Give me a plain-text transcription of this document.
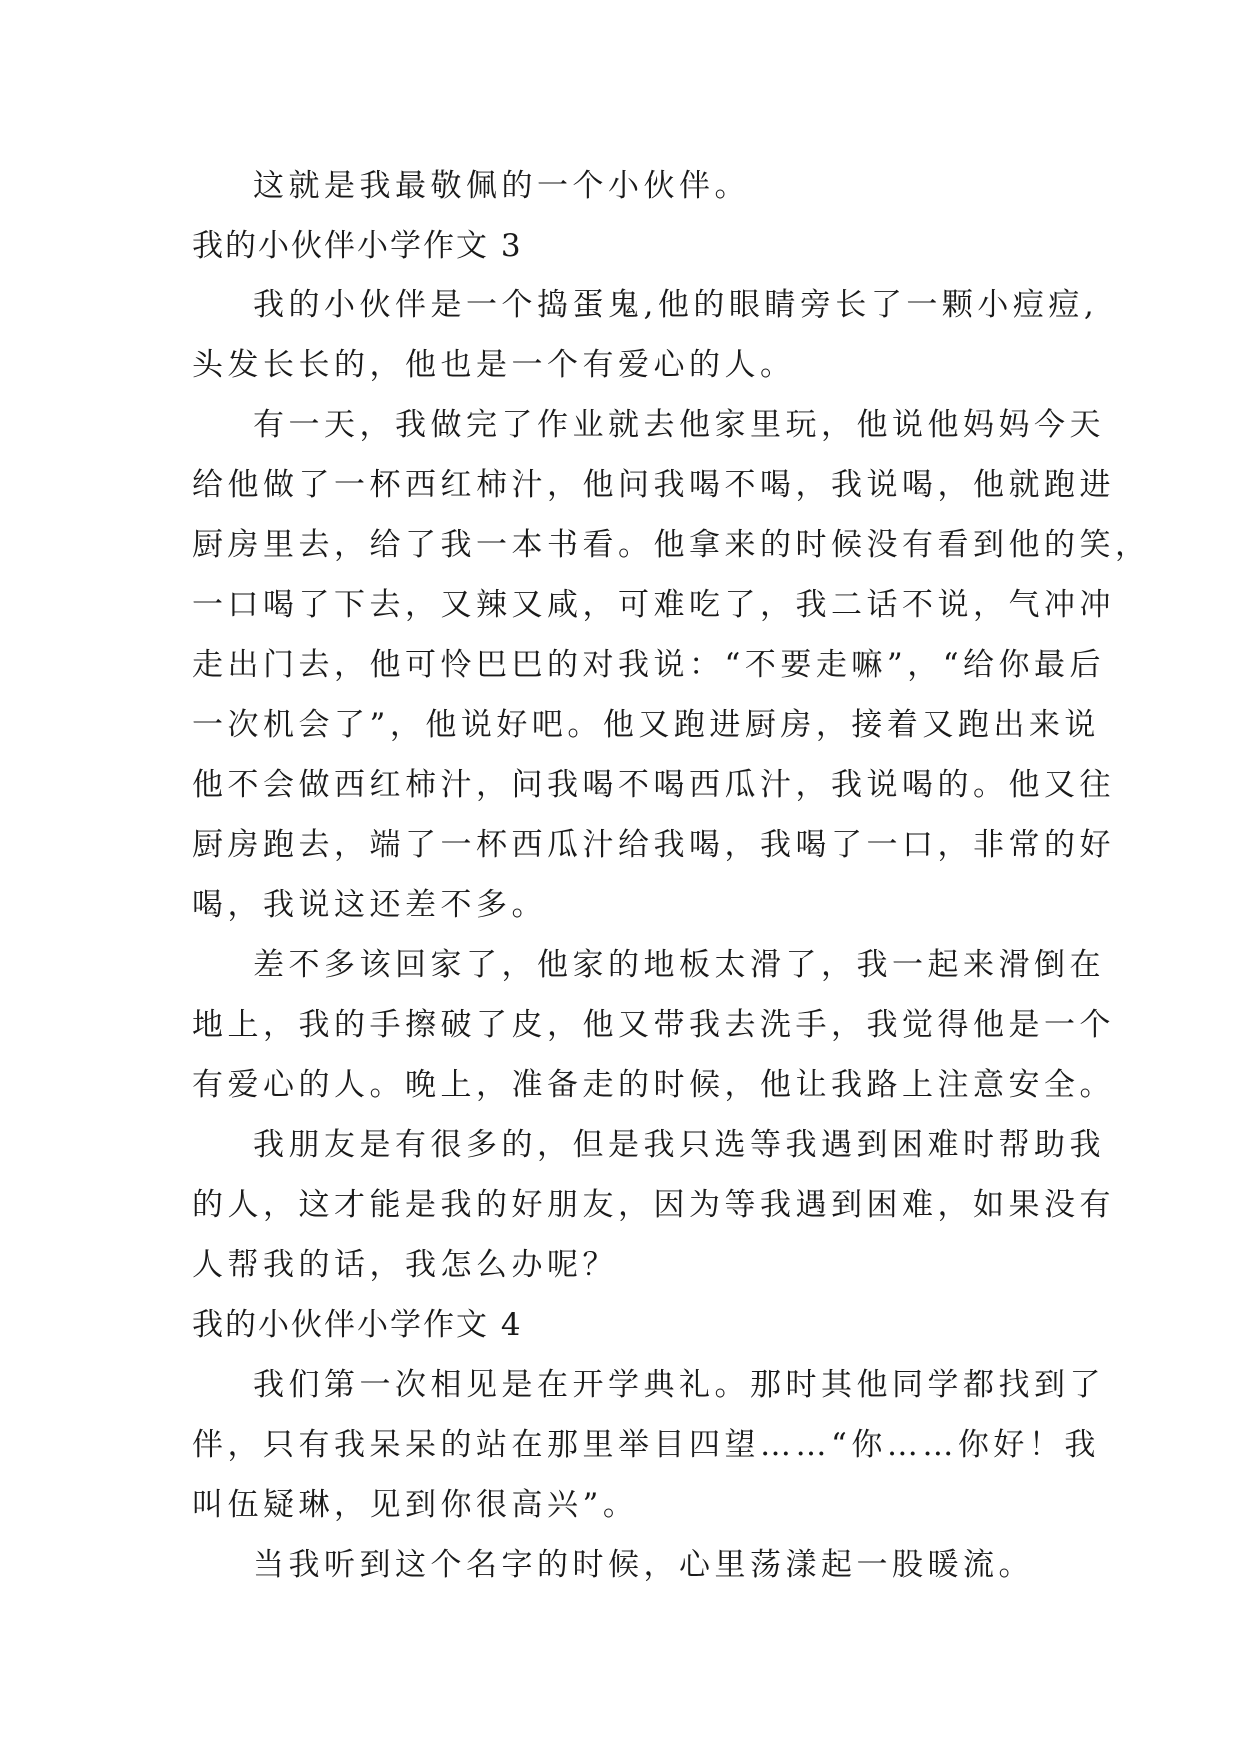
这就是我最敬佩的一个小伙伴。
我的小伙伴小学作文 3
我的小伙伴是一个捣蛋鬼,他的眼睛旁长了一颗小痘痘,
头发长长的，他也是一个有爱心的人。
有一天，我做完了作业就去他家里玩，他说他妈妈今天
给他做了一杯西红柿汁，他问我喝不喝，我说喝，他就跑进
厨房里去，给了我一本书看。他拿来的时候没有看到他的笑，
一口喝了下去，又辣又咸，可难吃了，我二话不说，气冲冲
走出门去，他可怜巴巴的对我说：“不要走嘛”，“给你最后
一次机会了”，他说好吧。他又跑进厨房，接着又跑出来说
他不会做西红柿汁，问我喝不喝西瓜汁，我说喝的。他又往
厨房跑去，端了一杯西瓜汁给我喝，我喝了一口，非常的好
喝，我说这还差不多。
差不多该回家了，他家的地板太滑了，我一起来滑倒在
地上，我的手擦破了皮，他又带我去洗手，我觉得他是一个
有爱心的人。晚上，准备走的时候，他让我路上注意安全。
我朋友是有很多的，但是我只选等我遇到困难时帮助我
的人，这才能是我的好朋友，因为等我遇到困难，如果没有
人帮我的话，我怎么办呢？
我的小伙伴小学作文 4
我们第一次相见是在开学典礼。那时其他同学都找到了
伴，只有我呆呆的站在那里举目四望……“你……你好！我
叫伍疑琳，见到你很高兴”。
当我听到这个名字的时候，心里荡漾起一股暖流。
